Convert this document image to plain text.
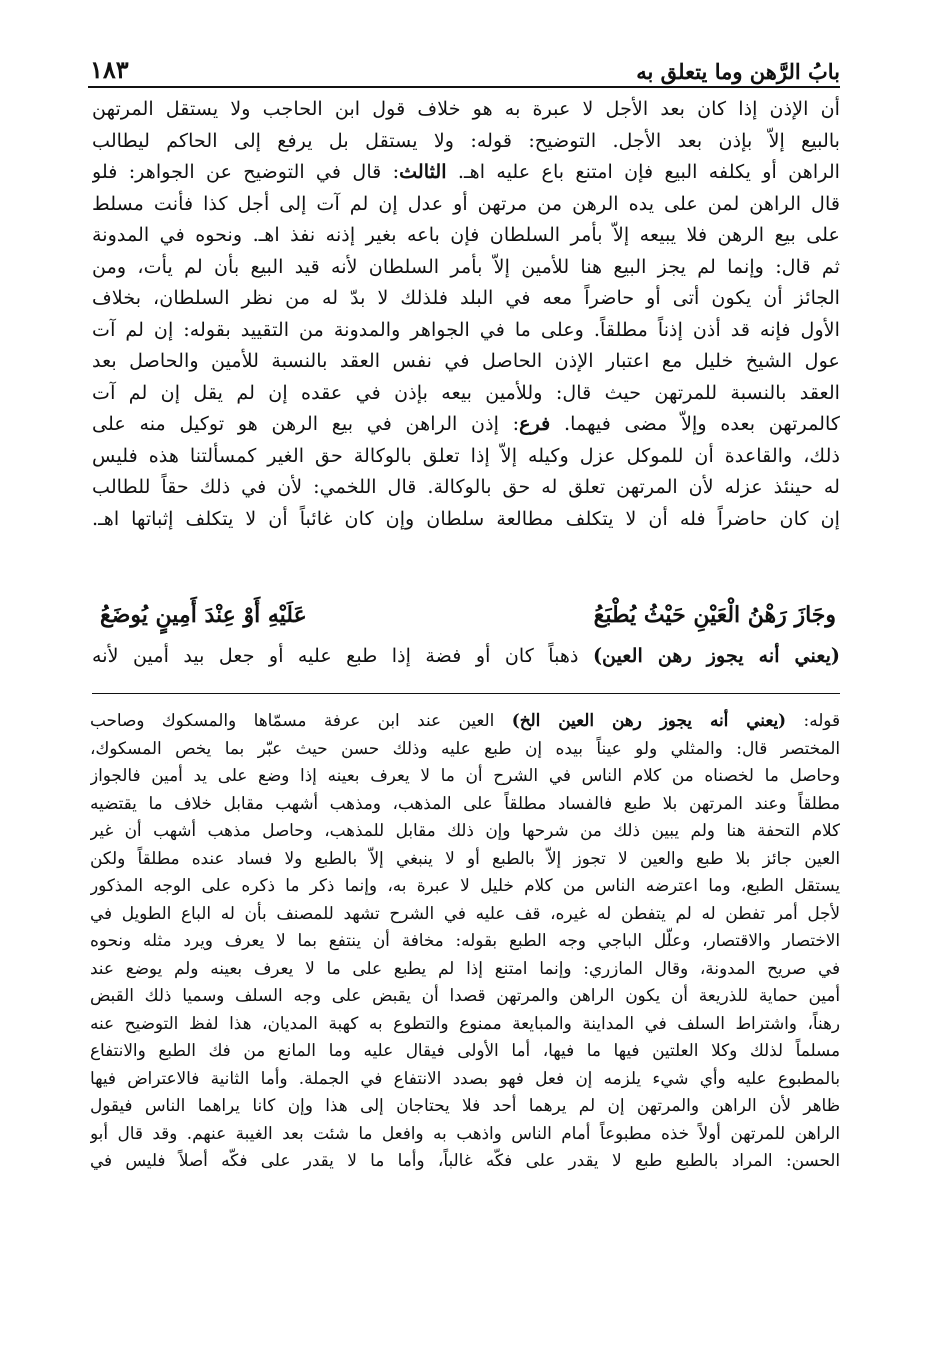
بابُ الرَّهن وما يتعلق به
١٨٣
أن الإذن إذا كان بعد الأجل لا عبرة به هو خلاف قول ابن الحاجب ولا يستقل المرتهن
بالبيع إلاّ بإذن بعد الأجل. التوضيح: قوله: ولا يستقل بل يرفع إلى الحاكم ليطالب
الراهن أو يكلفه البيع فإن امتنع باع عليه اهـ. الثالث: قال في التوضيح عن الجواهر: فلو
قال الراهن لمن على يده الرهن من مرتهن أو عدل إن لم آت إلى أجل كذا فأنت مسلط
على بيع الرهن فلا يبيعه إلاّ بأمر السلطان فإن باعه بغير إذنه نفذ اهـ. ونحوه في المدونة
ثم قال: وإنما لم يجز البيع هنا للأمين إلاّ بأمر السلطان لأنه قيد البيع بأن لم يأت، ومن
الجائز أن يكون أتى أو حاضراً معه في البلد فلذلك لا بدّ له من نظر السلطان، بخلاف
الأول فإنه قد أذن إذناً مطلقاً. وعلى ما في الجواهر والمدونة من التقييد بقوله: إن لم آت
عول الشيخ خليل مع اعتبار الإذن الحاصل في نفس العقد بالنسبة للأمين والحاصل بعد
العقد بالنسبة للمرتهن حيث قال: وللأمين بيعه بإذن في عقده إن لم يقل إن لم آت
كالمرتهن بعده وإلاّ مضى فيهما. فرع: إذن الراهن في بيع الرهن هو توكيل منه على
ذلك، والقاعدة أن للموكل عزل وكيله إلاّ إذا تعلق بالوكالة حق الغير كمسألتنا هذه فليس
له حينئذ عزله لأن المرتهن تعلق له حق بالوكالة. قال اللخمي: لأن في ذلك حقاً للطالب
إن كان حاضراً فله أن لا يتكلف مطالعة سلطان وإن كان غائباً أن لا يتكلف إثباتها اهـ.
وجَازَ رَهْنُ الْعَيْنِ حَيْثُ يُطْبَعُ
عَلَيْهِ أَوْ عِنْدَ أَمِينٍ يُوضَعُ
(يعني أنه يجوز رهن العين) ذهباً كان أو فضة إذا طبع عليه أو جعل بيد أمين لأنه
قوله: (يعني أنه يجوز رهن العين الخ) العين عند ابن عرفة مسمّاها والمسكوك وصاحب
المختصر قال: والمثلي ولو عيناً بيده إن طبع عليه وذلك حسن حيث عبّر بما يخص المسكوك،
وحاصل ما لخصناه من كلام الناس في الشرح أن ما لا يعرف بعينه إذا وضع على يد أمين فالجواز
مطلقاً وعند المرتهن بلا طبع فالفساد مطلقاً على المذهب، ومذهب أشهب مقابل خلاف ما يقتضيه
كلام التحفة هنا ولم يبين ذلك من شرحها وإن ذلك مقابل للمذهب، وحاصل مذهب أشهب أن غير
العين جائز بلا طبع والعين لا تجوز إلاّ بالطبع أو لا ينبغي إلاّ بالطبع ولا فساد عنده مطلقاً ولكن
يستقل الطبع، وما اعترضه الناس من كلام خليل لا عبرة به، وإنما ذكر ما ذكره على الوجه المذكور
لأجل أمر تفطن له لم يتفطن له غيره، قف عليه في الشرح تشهد للمصنف بأن له الباع الطويل في
الاختصار والاقتصار، وعلّل الباجي وجه الطبع بقوله: مخافة أن ينتفع بما لا يعرف ويرد مثله ونحوه
في صريح المدونة، وقال المازري: وإنما امتنع إذا لم يطبع على ما لا يعرف بعينه ولم يوضع عند
أمين حماية للذريعة أن يكون الراهن والمرتهن قصدا أن يقبض على وجه السلف وسميا ذلك القبض
رهناً، واشتراط السلف في المداينة والمبايعة ممنوع والتطوع به كهبة المديان، هذا لفظ التوضيح عنه
مسلماً لذلك وكلا العلتين فيها ما فيها، أما الأولى فيقال عليه وما المانع من فك الطبع والانتفاع
بالمطبوع عليه وأي شيء يلزمه إن فعل فهو بصدد الانتفاع في الجملة. وأما الثانية فالاعتراض فيها
ظاهر لأن الراهن والمرتهن إن لم يرهما أحد فلا يحتاجان إلى هذا وإن كانا يراهما الناس فيقول
الراهن للمرتهن أولاً خذه مطبوعاً أمام الناس واذهب به وافعل ما شئت بعد الغيبة عنهم. وقد قال أبو
الحسن: المراد بالطبع طبع لا يقدر على فكّه غالباً، وأما ما لا يقدر على فكّه أصلاً فليس في
